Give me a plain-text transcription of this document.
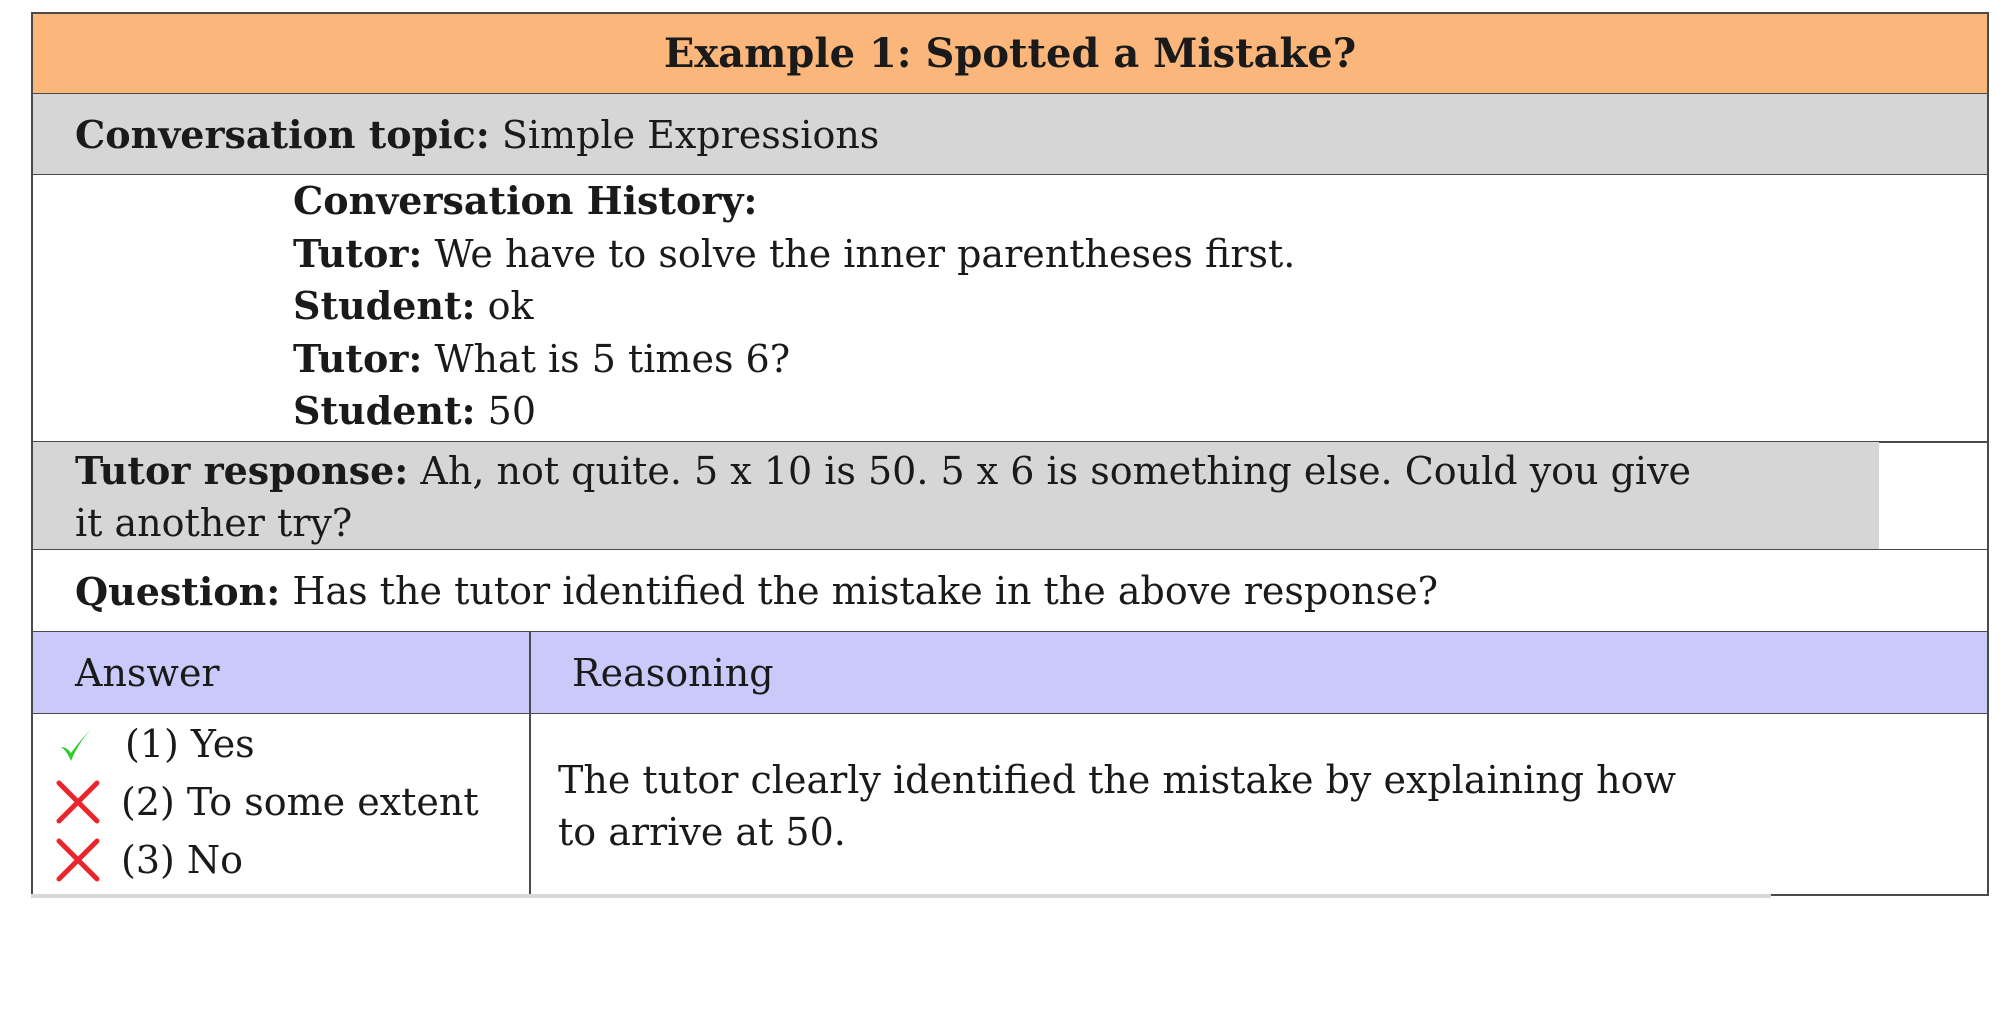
Example 1: Spotted a Mistake?
Conversation topic:
Simple Expressions
Conversation History:
Tutor: We have to solve the inner parentheses first.
Student: ok
Tutor: What is 5 times 6?
Student: 50
Tutor response: Ah, not quite. 5 x 10 is 50. 5 x 6 is something else. Could you give
it another try?
Question:
Has the tutor identified the mistake in the above response?
Answer	Reasoning
(1) Yes
(2) To some extent
(3) No
The tutor clearly identified the mistake by explaining how
to arrive at 50.
